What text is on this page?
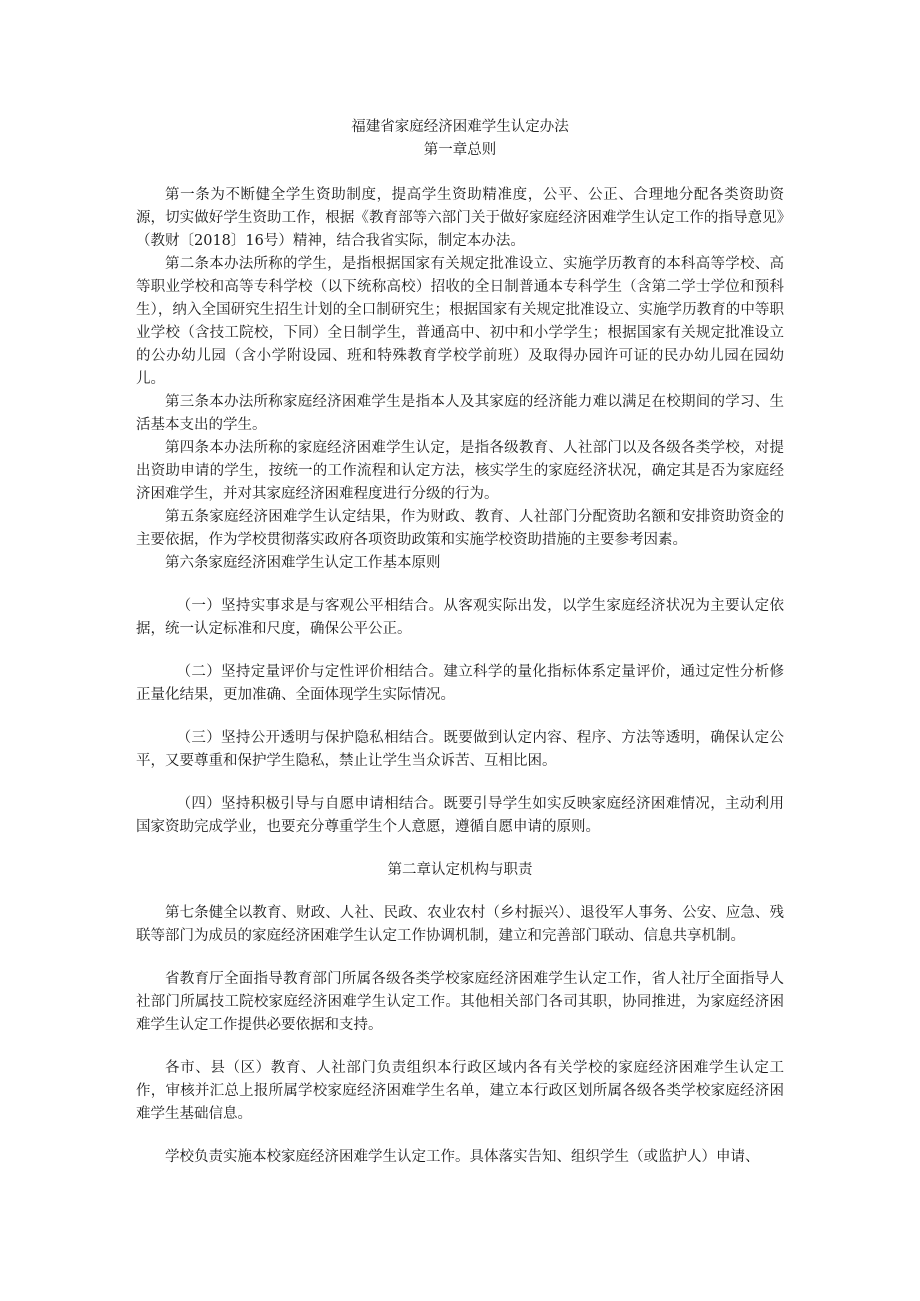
福建省家庭经济困难学生认定办法
第一章总则

第一条为不断健全学生资助制度，提高学生资助精准度，公平、公正、合理地分配各类资助资源，切实做好学生资助工作，根据《教育部等六部门关于做好家庭经济困难学生认定工作的指导意见》（教财〔2018〕16号）精神，结合我省实际，制定本办法。

第二条本办法所称的学生，是指根据国家有关规定批准设立、实施学历教育的本科高等学校、高等职业学校和高等专科学校（以下统称高校）招收的全日制普通本专科学生（含第二学士学位和预科生），纳入全国研究生招生计划的全口制研究生；根据国家有关规定批准设立、实施学历教育的中等职业学校（含技工院校，下同）全日制学生，普通高中、初中和小学学生；根据国家有关规定批准设立的公办幼儿园（含小学附设园、班和特殊教育学校学前班）及取得办园许可证的民办幼儿园在园幼儿。

第三条本办法所称家庭经济困难学生是指本人及其家庭的经济能力难以满足在校期间的学习、生活基本支出的学生。

第四条本办法所称的家庭经济困难学生认定，是指各级教育、人社部门以及各级各类学校，对提出资助申请的学生，按统一的工作流程和认定方法，核实学生的家庭经济状况，确定其是否为家庭经济困难学生，并对其家庭经济困难程度进行分级的行为。

第五条家庭经济困难学生认定结果，作为财政、教育、人社部门分配资助名额和安排资助资金的主要依据，作为学校贯彻落实政府各项资助政策和实施学校资助措施的主要参考因素。

第六条家庭经济困难学生认定工作基本原则

（一）坚持实事求是与客观公平相结合。从客观实际出发，以学生家庭经济状况为主要认定依据，统一认定标准和尺度，确保公平公正。

（二）坚持定量评价与定性评价相结合。建立科学的量化指标体系定量评价，通过定性分析修正量化结果，更加准确、全面体现学生实际情况。

（三）坚持公开透明与保护隐私相结合。既要做到认定内容、程序、方法等透明，确保认定公平，又要尊重和保护学生隐私，禁止让学生当众诉苦、互相比困。

（四）坚持积极引导与自愿申请相结合。既要引导学生如实反映家庭经济困难情况，主动利用国家资助完成学业，也要充分尊重学生个人意愿，遵循自愿申请的原则。

第二章认定机构与职责

第七条健全以教育、财政、人社、民政、农业农村（乡村振兴）、退役军人事务、公安、应急、残联等部门为成员的家庭经济困难学生认定工作协调机制，建立和完善部门联动、信息共享机制。

省教育厅全面指导教育部门所属各级各类学校家庭经济困难学生认定工作，省人社厅全面指导人社部门所属技工院校家庭经济困难学生认定工作。其他相关部门各司其职，协同推进，为家庭经济困难学生认定工作提供必要依据和支持。

各市、县（区）教育、人社部门负责组织本行政区域内各有关学校的家庭经济困难学生认定工作，审核并汇总上报所属学校家庭经济困难学生名单，建立本行政区划所属各级各类学校家庭经济困难学生基础信息。

学校负责实施本校家庭经济困难学生认定工作。具体落实告知、组织学生（或监护人）申请、
